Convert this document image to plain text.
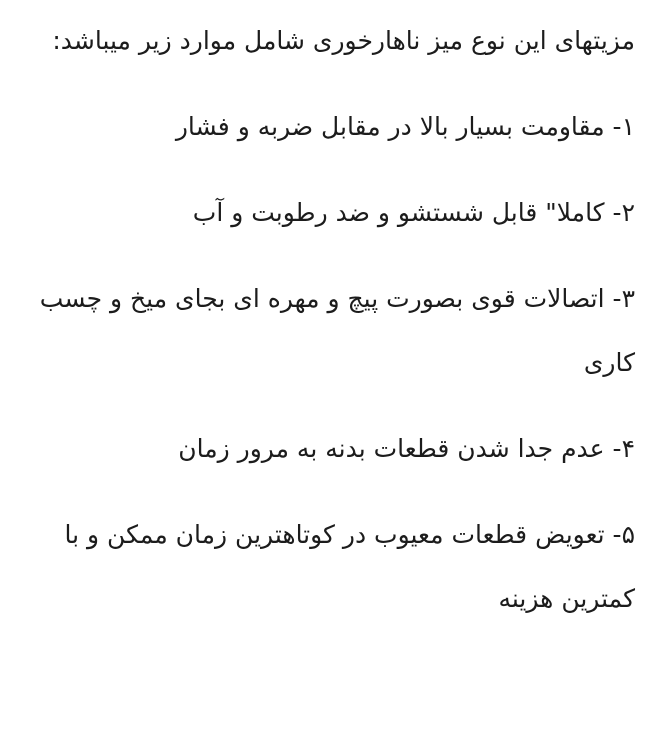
مزیتهای این نوع میز ناهارخوری شامل موارد زیر میباشد:

۱- مقاومت بسیار بالا در مقابل ضربه و فشار

۲- کاملا" قابل شستشو و ضد رطوبت و آب

۳- اتصالات قوی بصورت پیچ و مهره ای بجای میخ و چسب کاری

۴- عدم جدا شدن قطعات بدنه به مرور زمان

۵- تعویض قطعات معیوب در کوتاهترین زمان ممکن و با کمترین هزینه
